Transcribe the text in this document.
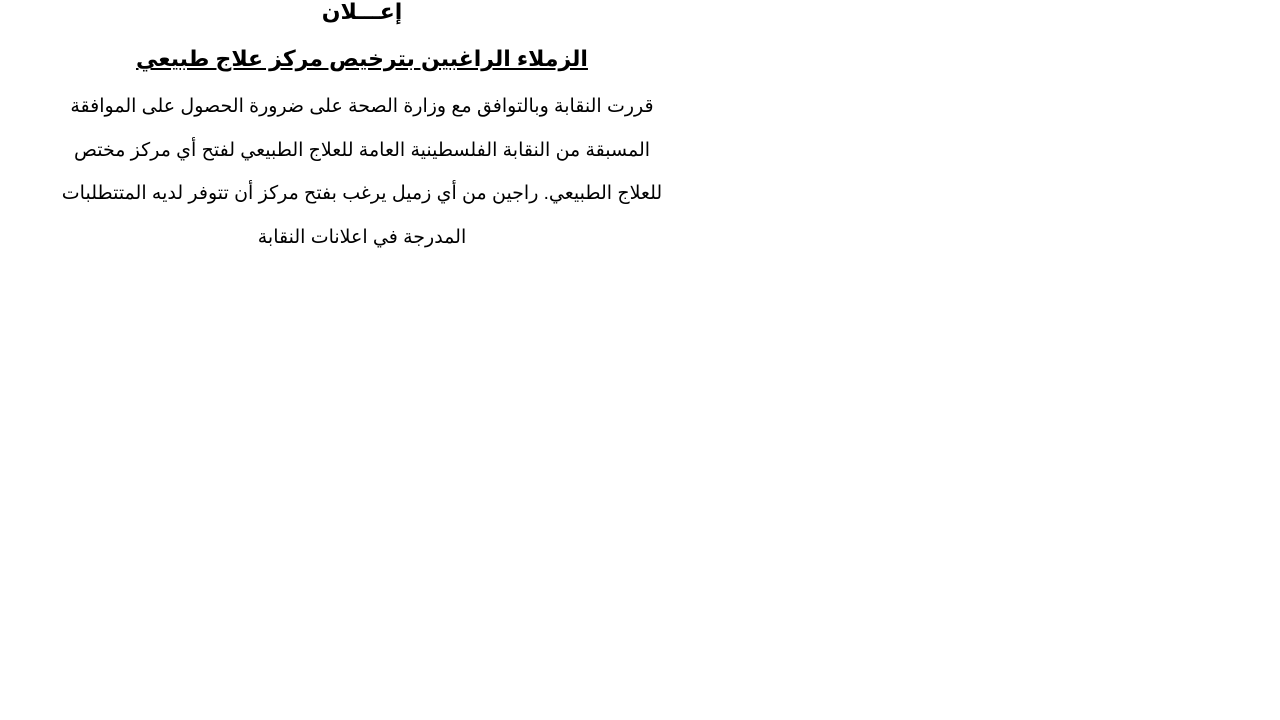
إعـــلان
الزملاء الراغبين بترخيص مركز علاج طبيعي

قررت النقابة وبالتوافق مع وزارة الصحة على ضرورة الحصول على الموافقة المسبقة من النقابة الفلسطينية العامة للعلاج الطبيعي لفتح أي مركز مختص للعلاج الطبيعي. راجين من أي زميل يرغب بفتح مركز أن تتوفر لديه المتتطلبات المدرجة في اعلانات النقابة
